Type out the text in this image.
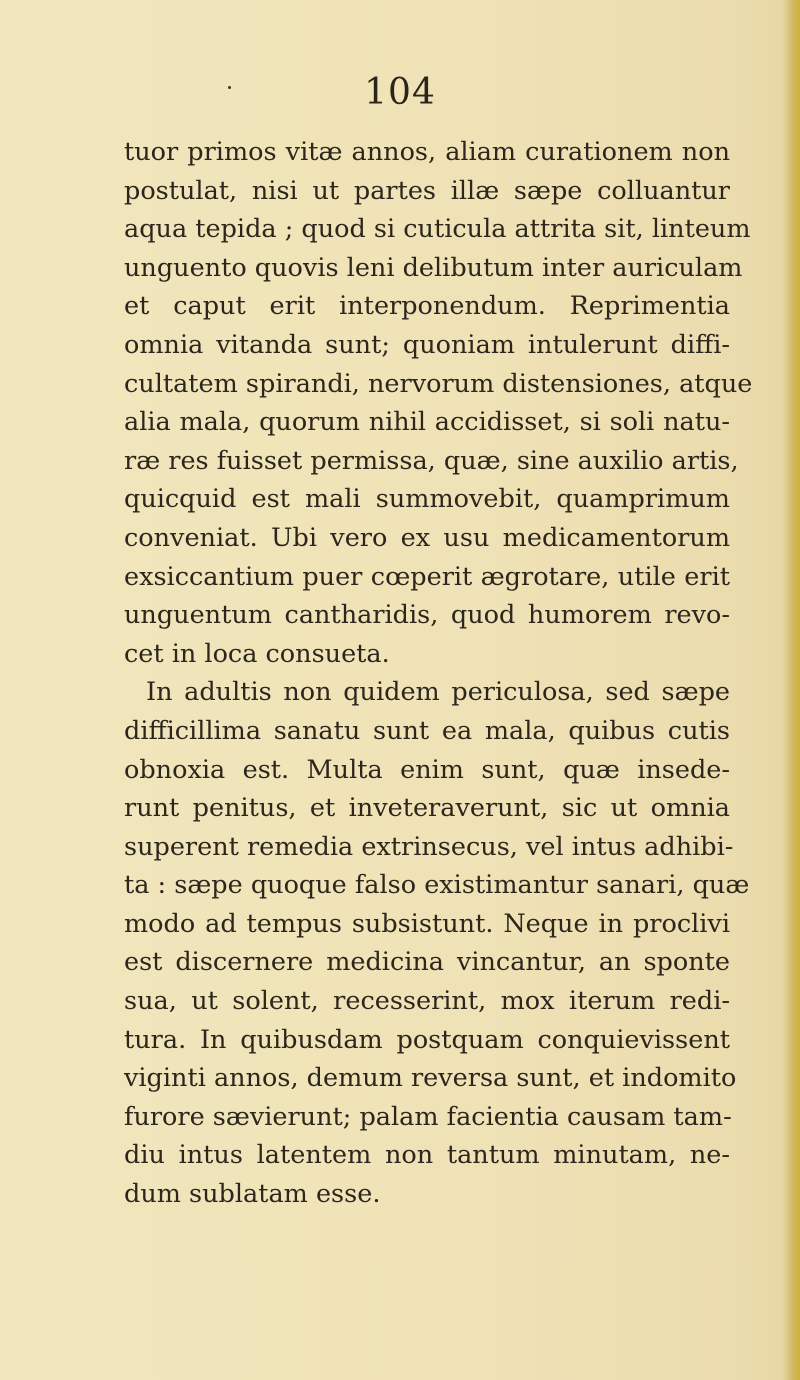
104
tuor primos vitæ annos, aliam curationem non
postulat, nisi ut partes illæ sæpe colluantur
aqua tepida ; quod si cuticula attrita sit, linteum
unguento quovis leni delibutum inter auriculam
et caput erit interponendum. Reprimentia
omnia vitanda sunt; quoniam intulerunt diffi-
cultatem spirandi, nervorum distensiones, atque
alia mala, quorum nihil accidisset, si soli natu-
ræ res fuisset permissa, quæ, sine auxilio artis,
quicquid est mali summovebit, quamprimum
conveniat. Ubi vero ex usu medicamentorum
exsiccantium puer cœperit ægrotare, utile erit
unguentum cantharidis, quod humorem revo-
cet in loca consueta.
In adultis non quidem periculosa, sed sæpe
difficillima sanatu sunt ea mala, quibus cutis
obnoxia est. Multa enim sunt, quæ insede-
runt penitus, et inveteraverunt, sic ut omnia
superent remedia extrinsecus, vel intus adhibi-
ta : sæpe quoque falso existimantur sanari, quæ
modo ad tempus subsistunt. Neque in proclivi
est discernere medicina vincantur, an sponte
sua, ut solent, recesserint, mox iterum redi-
tura. In quibusdam postquam conquievissent
viginti annos, demum reversa sunt, et indomito
furore sævierunt; palam facientia causam tam-
diu intus latentem non tantum minutam, ne-
dum sublatam esse.
